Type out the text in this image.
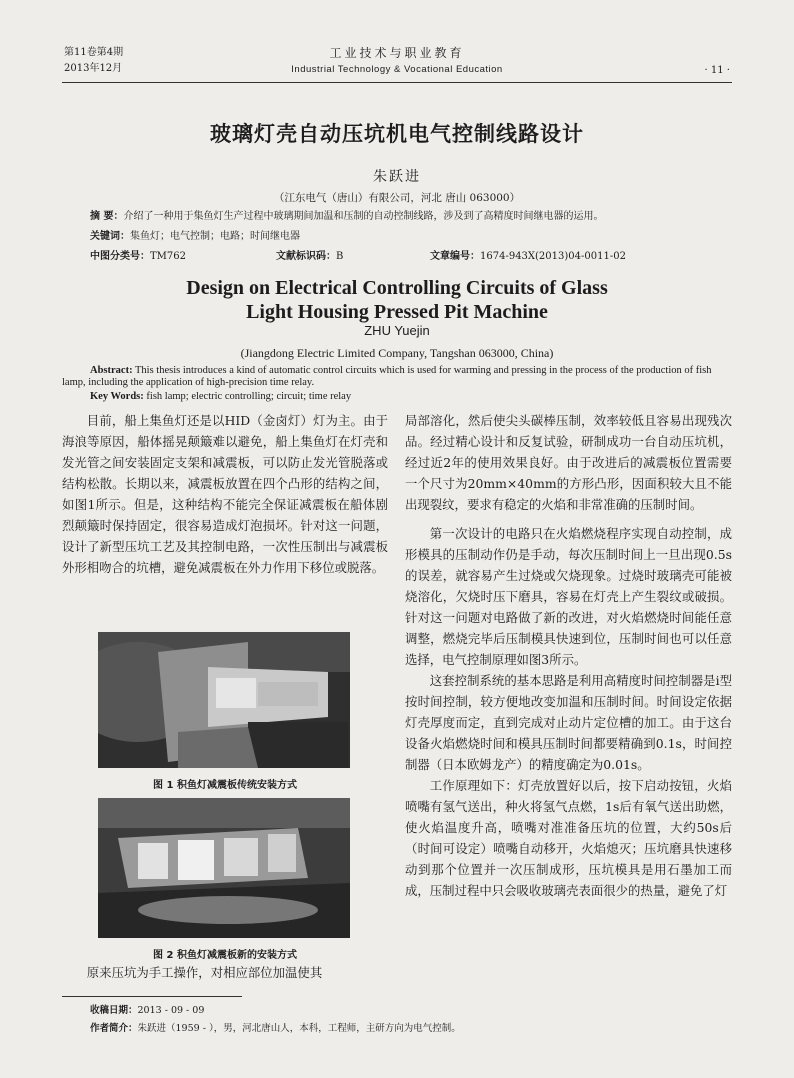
第11卷第4期
2013年12月
工业技术与职业教育
Industrial Technology & Vocational Education	· 11 ·
玻璃灯壳自动压坑机电气控制线路设计
朱跃进
（江东电气（唐山）有限公司，河北 唐山 063000）
摘 要：介绍了一种用于集鱼灯生产过程中玻璃期间加温和压制的自动控制线路，涉及到了高精度时间继电器的运用。
关键词：集鱼灯；电气控制；电路；时间继电器
中图分类号：TM762	文献标识码：B	文章编号：1674-943X(2013)04-0011-02
Design on Electrical Controlling Circuits of Glass
Light Housing Pressed Pit Machine
ZHU Yuejin
(Jiangdong Electric Limited Company, Tangshan 063000, China)
Abstract: This thesis introduces a kind of automatic control circuits which is used for warming and pressing in the process of the production of fish lamp, including the application of high-precision time relay.
Key Words: fish lamp; electric controlling; circuit; time relay

目前，船上集鱼灯还是以HID（金卤灯）灯为主。由于海浪等原因，船体摇晃颠簸难以避免，船上集鱼灯在灯壳和发光管之间安装固定支架和减震板，可以防止发光管脱落或结构松散。长期以来，减震板放置在四个凸形的结构之间，如图1所示。但是，这种结构不能完全保证减震板在船体剧烈颠簸时保持固定，很容易造成灯泡损坏。针对这一问题，设计了新型压坑工艺及其控制电路，一次性压制出与减震板外形相吻合的坑槽，避免减震板在外力作用下移位或脱落。

图 1 积鱼灯减震板传统安装方式
图 2 积鱼灯减震板新的安装方式

原来压坑为手工操作，对相应部位加温使其

局部溶化，然后使尖头碳棒压制，效率较低且容易出现残次品。经过精心设计和反复试验，研制成功一台自动压坑机，经过近2年的使用效果良好。由于改进后的减震板位置需要一个尺寸为20mm×40mm的方形凸形，因面积较大且不能出现裂纹，要求有稳定的火焰和非常准确的压制时间。

第一次设计的电路只在火焰燃烧程序实现自动控制，成形模具的压制动作仍是手动，每次压制时间上一旦出现0.5s的误差，就容易产生过烧或欠烧现象。过烧时玻璃壳可能被烧溶化，欠烧时压下磨具，容易在灯壳上产生裂纹或破损。针对这一问题对电路做了新的改进，对火焰燃烧时间能任意调整，燃烧完毕后压制模具快速到位，压制时间也可以任意选择，电气控制原理如图3所示。

这套控制系统的基本思路是利用高精度时间控制器是i型按时间控制，较方便地改变加温和压制时间。时间设定依据灯壳厚度而定，直到完成对止动片定位槽的加工。由于这台设备火焰燃烧时间和模具压制时间都要精确到0.1s，时间控制器（日本欧姆龙产）的精度确定为0.01s。

工作原理如下：灯壳放置好以后，按下启动按钮，火焰喷嘴有氢气送出，种火将氢气点燃，1s后有氧气送出助燃，使火焰温度升高，喷嘴对准准备压坑的位置，大约50s后（时间可设定）喷嘴自动移开，火焰熄灭；压坑磨具快速移动到那个位置并一次压制成形，压坑模具是用石墨加工而成，压制过程中只会吸收玻璃壳表面很少的热量，避免了灯

收稿日期：2013 - 09 - 09
作者简介：朱跃进（1959 - ），男，河北唐山人，本科，工程师，主研方向为电气控制。
